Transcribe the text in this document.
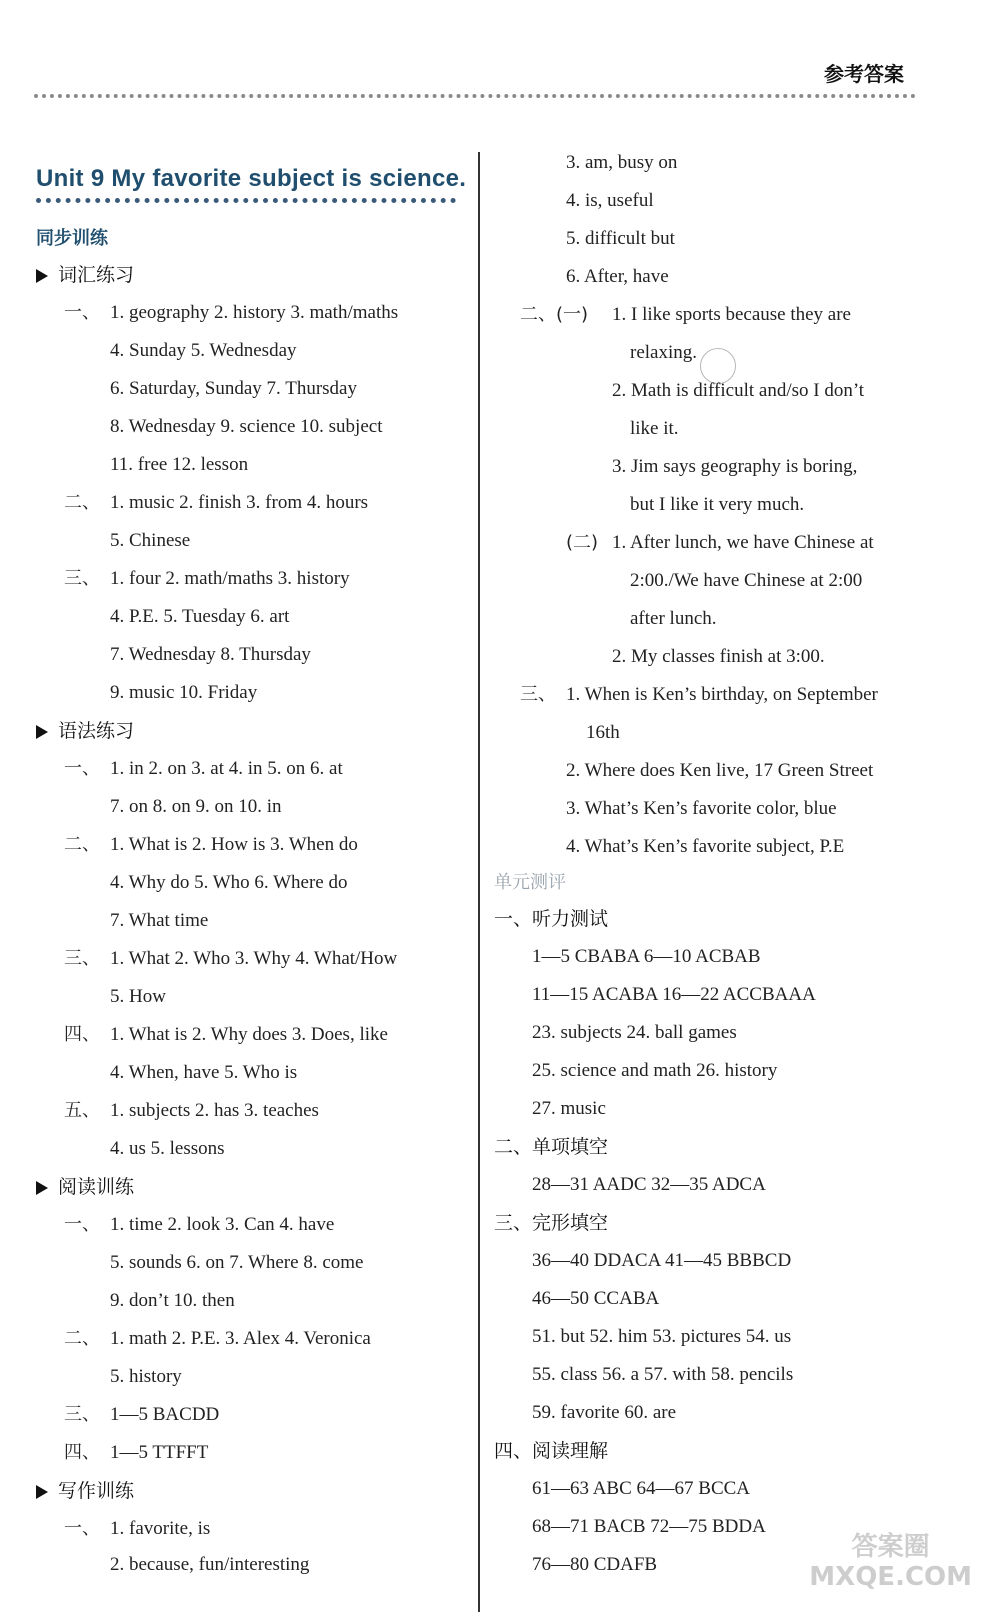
参考答案
Unit 9 My favorite subject is science.
同步训练
词汇练习
一、 1. geography 2. history 3. math/maths
4. Sunday 5. Wednesday
6. Saturday, Sunday 7. Thursday
8. Wednesday 9. science 10. subject
11. free 12. lesson
二、 1. music 2. finish 3. from 4. hours
5. Chinese
三、 1. four 2. math/maths 3. history
4. P.E. 5. Tuesday 6. art
7. Wednesday 8. Thursday
9. music 10. Friday
语法练习
一、 1. in 2. on 3. at 4. in 5. on 6. at
7. on 8. on 9. on 10. in
二、 1. What is 2. How is 3. When do
4. Why do 5. Who 6. Where do
7. What time
三、 1. What 2. Who 3. Why 4. What/How
5. How
四、 1. What is 2. Why does 3. Does, like
4. When, have 5. Who is
五、 1. subjects 2. has 3. teaches
4. us 5. lessons
阅读训练
一、 1. time 2. look 3. Can 4. have
5. sounds 6. on 7. Where 8. come
9. don’t 10. then
二、 1. math 2. P.E. 3. Alex 4. Veronica
5. history
三、 1—5 BACDD
四、 1—5 TTFFT
写作训练
一、 1. favorite, is
2. because, fun/interesting
3. am, busy on
4. is, useful
5. difficult but
6. After, have
二、(一) 1. I like sports because they are
relaxing.
2. Math is difficult and/so I don’t
like it.
3. Jim says geography is boring,
but I like it very much.
(二) 1. After lunch, we have Chinese at
2:00./We have Chinese at 2:00
after lunch.
2. My classes finish at 3:00.
三、 1. When is Ken’s birthday, on September
16th
2. Where does Ken live, 17 Green Street
3. What’s Ken’s favorite color, blue
4. What’s Ken’s favorite subject, P.E
单元测评
一、听力测试
1—5 CBABA 6—10 ACBAB
11—15 ACABA 16—22 ACCBAAA
23. subjects 24. ball games
25. science and math 26. history
27. music
二、单项填空
28—31 AADC 32—35 ADCA
三、完形填空
36—40 DDACA 41—45 BBBCD
46—50 CCABA
51. but 52. him 53. pictures 54. us
55. class 56. a 57. with 58. pencils
59. favorite 60. are
四、阅读理解
61—63 ABC 64—67 BCCA
68—71 BACB 72—75 BDDA
76—80 CDAFB
答案圈
MXQE.COM
